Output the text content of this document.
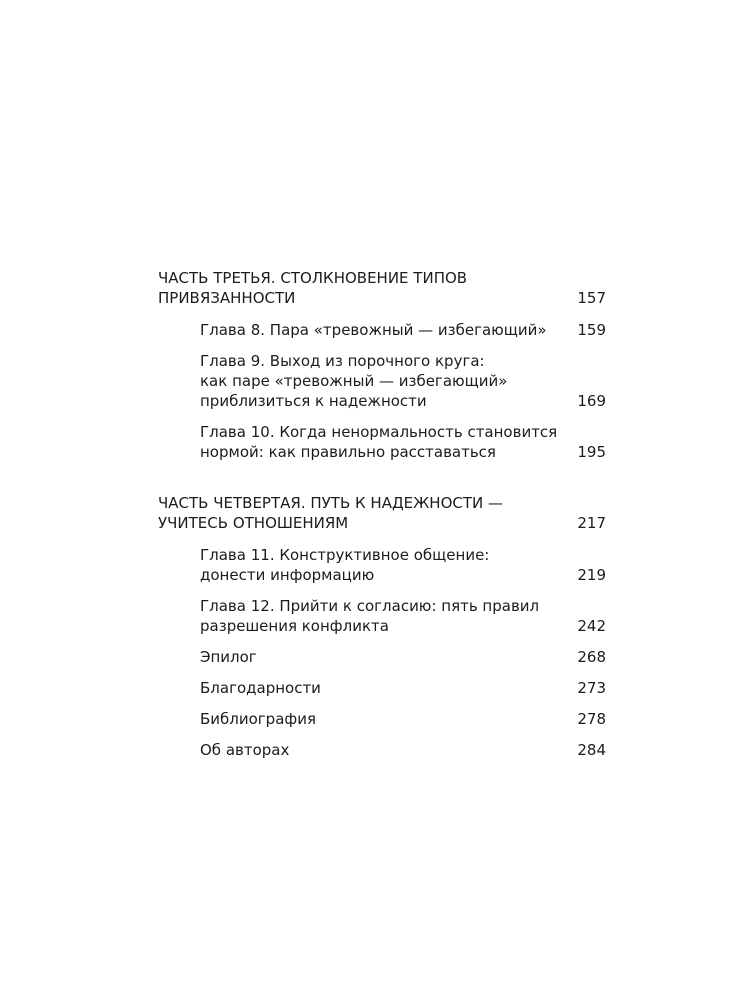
ЧАСТЬ ТРЕТЬЯ. СТОЛКНОВЕНИЕ ТИПОВ
ПРИВЯЗАННОСТИ	157
Глава 8. Пара «тревожный — избегающий» 159
Глава 9. Выход из порочного круга:
как паре «тревожный — избегающий»
приблизиться к надежности	169
Глава 10. Когда ненормальность становится
нормой: как правильно расставаться	195
ЧАСТЬ ЧЕТВЕРТАЯ. ПУТЬ К НАДЕЖНОСТИ —
УЧИТЕСЬ ОТНОШЕНИЯМ	217
Глава 11. Конструктивное общение:
донести информацию	219
Глава 12. Прийти к согласию: пять правил
разрешения конфликта	242
Эпилог	268
Благодарности	273
Библиография	278
Об авторах	284
